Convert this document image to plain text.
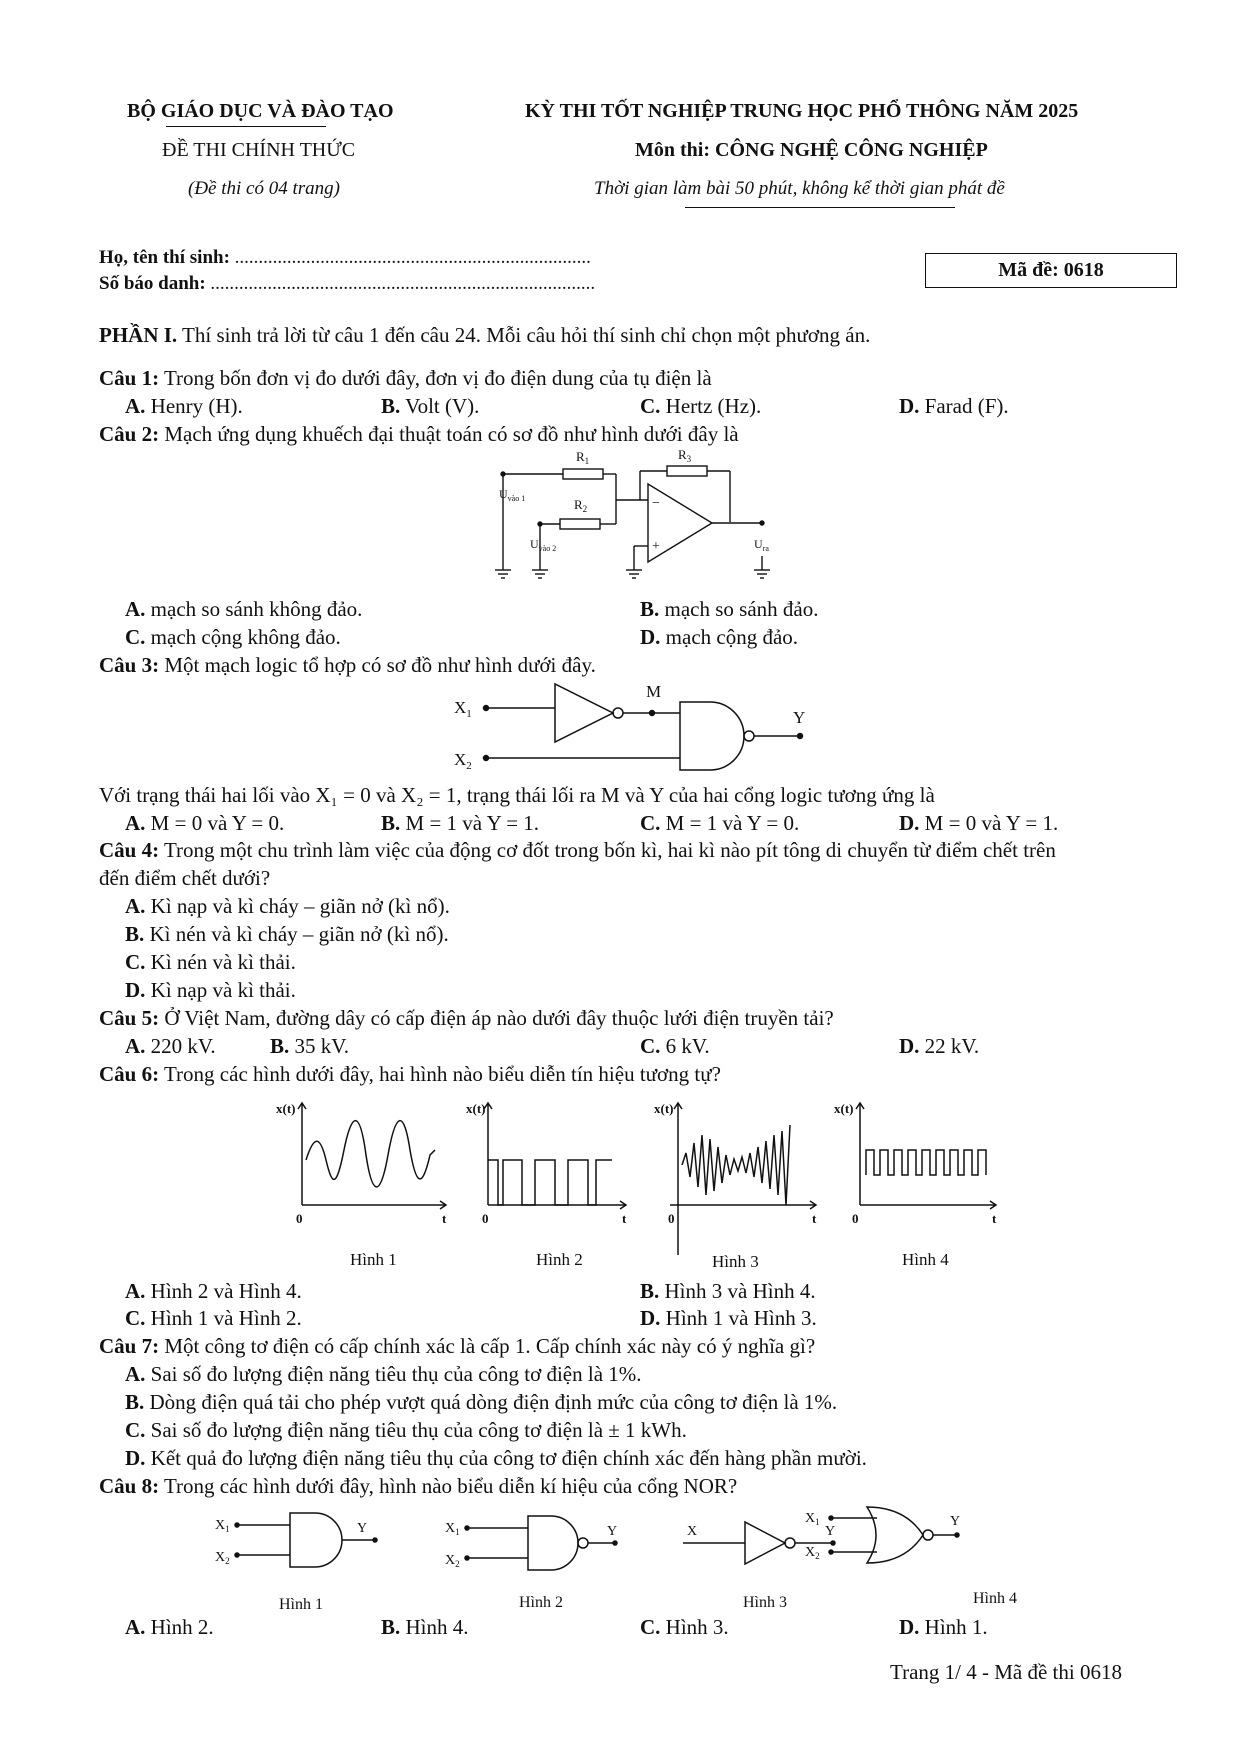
BỘ GIÁO DỤC VÀ ĐÀO TẠO
ĐỀ THI CHÍNH THỨC
(Đề thi có 04 trang)
KỲ THI TỐT NGHIỆP TRUNG HỌC PHỔ THÔNG NĂM 2025
Môn thi: CÔNG NGHỆ CÔNG NGHIỆP
Thời gian làm bài 50 phút, không kể thời gian phát đề
Họ, tên thí sinh: ...........................................................................
Số báo danh: .................................................................................
Mã đề: 0618
PHẦN I. Thí sinh trả lời từ câu 1 đến câu 24. Mỗi câu hỏi thí sinh chỉ chọn một phương án.
Câu 1: Trong bốn đơn vị đo dưới đây, đơn vị đo điện dung của tụ điện là
A. Henry (H).	B. Volt (V).	C. Hertz (Hz).	D. Farad (F).
Câu 2: Mạch ứng dụng khuếch đại thuật toán có sơ đồ như hình dưới đây là
$R_1$
$R_2$
$R_3$
$U_{vào 1}$
$U_{vào 2}$	$U_{ra}$
−
+
A. mạch so sánh không đảo.	B. mạch so sánh đảo.
C. mạch cộng không đảo.	D. mạch cộng đảo.
Câu 3: Một mạch logic tổ hợp có sơ đồ như hình dưới đây.
$X_1$
$X_2$
M
Y
Với trạng thái hai lối vào X₁ = 0 và X₂ = 1, trạng thái lối ra M và Y của hai cổng logic tương ứng là
A. M = 0 và Y = 0.	B. M = 1 và Y = 1.	C. M = 1 và Y = 0.	D. M = 0 và Y = 1.
Câu 4: Trong một chu trình làm việc của động cơ đốt trong bốn kì, hai kì nào pít tông di chuyển từ điểm chết trên
đến điểm chết dưới?
A. Kì nạp và kì cháy – giãn nở (kì nổ).
B. Kì nén và kì cháy – giãn nở (kì nổ).
C. Kì nén và kì thải.
D. Kì nạp và kì thải.
Câu 5: Ở Việt Nam, đường dây có cấp điện áp nào dưới đây thuộc lưới điện truyền tải?
A. 220 kV.	B. 35 kV.	C. 6 kV.	D. 22 kV.
Câu 6: Trong các hình dưới đây, hai hình nào biểu diễn tín hiệu tương tự?
x(t)
0	t
x(t)
0	t
x(t)
0	t
x(t)
0	t
Hình 1	Hình 2	Hình 3	Hình 4
A. Hình 2 và Hình 4.	B. Hình 3 và Hình 4.
C. Hình 1 và Hình 2.	D. Hình 1 và Hình 3.
Câu 7: Một công tơ điện có cấp chính xác là cấp 1. Cấp chính xác này có ý nghĩa gì?
A. Sai số đo lượng điện năng tiêu thụ của công tơ điện là 1%.
B. Dòng điện quá tải cho phép vượt quá dòng điện định mức của công tơ điện là 1%.
C. Sai số đo lượng điện năng tiêu thụ của công tơ điện là ± 1 kWh.
D. Kết quả đo lượng điện năng tiêu thụ của công tơ điện chính xác đến hàng phần mười.
Câu 8: Trong các hình dưới đây, hình nào biểu diễn kí hiệu của cổng NOR?
$X_1$
$X_2$
Y	$X_1$
$X_2$
Y	X	Y
$X_1$
$X_2$
Y
Hình 1	Hình 2	Hình 3	Hình 4
A. Hình 2.	B. Hình 4.	C. Hình 3.	D. Hình 1.
Trang 1/ 4 - Mã đề thi 0618
